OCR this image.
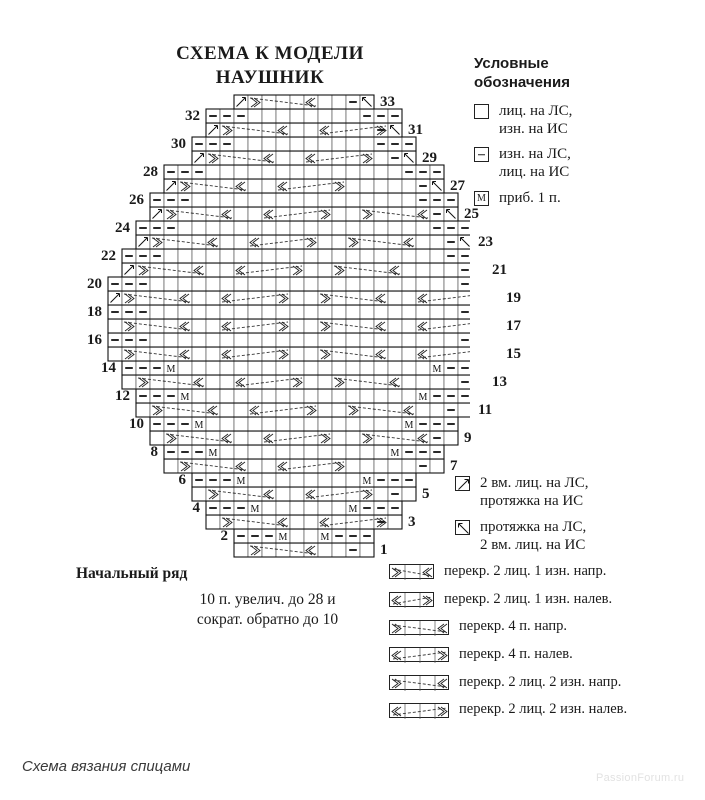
СХЕМА К МОДЕЛИ
НАУШНИК
M	M
M	M
M	M
M	M
M	M
M	M
M	M
2
4
6
8
10
12
14
16
18
20
22
24
26
28
30
32
1
3
5
7
9
11
13
15
17
19
21
23
25
27
29
31
33
Начальный ряд
10 п. увелич. до 28 и
сократ. обратно до 10
Условные
обозначения
лиц. на ЛС,
изн. на ИС
изн. на ЛС,
лиц. на ИС
M приб. 1 п.
2 вм. лиц. на ЛС,
протяжка на ИС
протяжка на ЛС,
2 вм. лиц. на ИС
перекр. 2 лиц. 1 изн. напр.
перекр. 2 лиц. 1 изн. налев.
перекр. 4 п. напр.
перекр. 4 п. налев.
перекр. 2 лиц. 2 изн. напр.
перекр. 2 лиц. 2 изн. налев.
Схема вязания спицами
PassionForum.ru
